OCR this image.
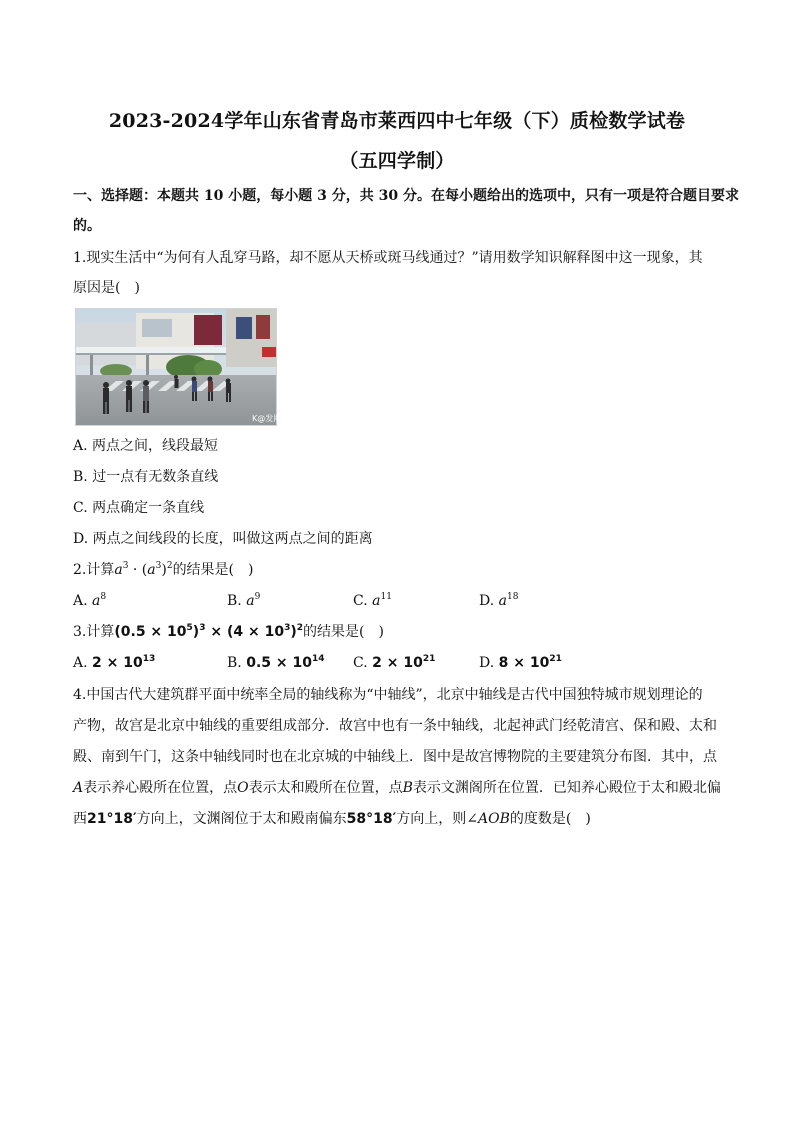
2023-2024学年山东省青岛市莱西四中七年级（下）质检数学试卷
（五四学制）
一、选择题：本题共 10 小题，每小题 3 分，共 30 分。在每小题给出的选项中，只有一项是符合题目要求
的。
1.现实生活中“为何有人乱穿马路，却不愿从天桥或斑马线通过？”请用数学知识解释图中这一现象，其
原因是(　)
K@发网
A. 两点之间，线段最短
B. 过一点有无数条直线
C. 两点确定一条直线
D. 两点之间线段的长度，叫做这两点之间的距离
2.计算$a^3 \cdot (a^3)^2$的结果是(　)
A. $a^8$	B. $a^9$	C. $a^{11}$	D. $a^{18}$
3.计算$(0.5 \times 10^5)^3 \times (4 \times 10^3)^2$的结果是(　)
A. $2 \times 10^{13}$	B. $0.5 \times 10^{14}$ C. $2 \times 10^{21}$	D. $8 \times 10^{21}$
4.中国古代大建筑群平面中统率全局的轴线称为“中轴线”，北京中轴线是古代中国独特城市规划理论的
产物，故宫是北京中轴线的重要组成部分．故宫中也有一条中轴线，北起神武门经乾清宫、保和殿、太和
殿、南到午门，这条中轴线同时也在北京城的中轴线上．图中是故宫博物院的主要建筑分布图．其中，点
A表示养心殿所在位置，点O表示太和殿所在位置，点B表示文渊阁所在位置．已知养心殿位于太和殿北偏
西21°18′方向上，文渊阁位于太和殿南偏东58°18′方向上，则∠AOB的度数是(　)
